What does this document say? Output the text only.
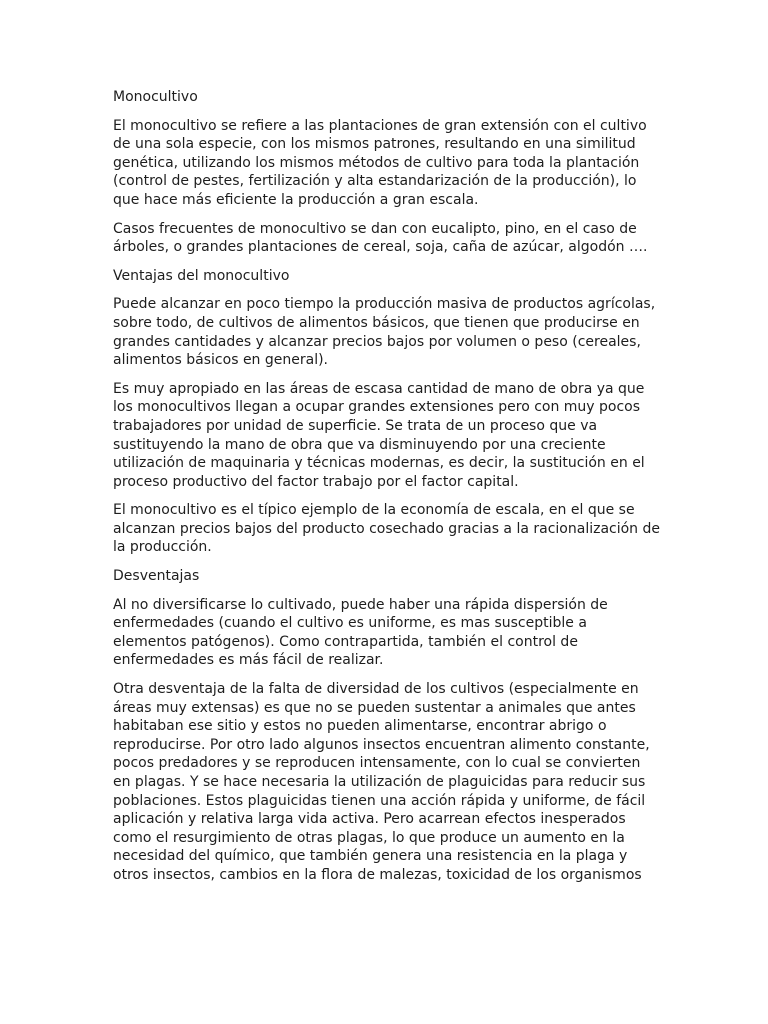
Monocultivo

El monocultivo se refiere a las plantaciones de gran extensión con el cultivo de una sola especie, con los mismos patrones, resultando en una similitud genética, utilizando los mismos métodos de cultivo para toda la plantación (control de pestes, fertilización y alta estandarización de la producción), lo que hace más eficiente la producción a gran escala.

Casos frecuentes de monocultivo se dan con eucalipto, pino, en el caso de árboles, o grandes plantaciones de cereal, soja, caña de azúcar, algodón ….

Ventajas del monocultivo

Puede alcanzar en poco tiempo la producción masiva de productos agrícolas, sobre todo, de cultivos de alimentos básicos, que tienen que producirse en grandes cantidades y alcanzar precios bajos por volumen o peso (cereales, alimentos básicos en general).

Es muy apropiado en las áreas de escasa cantidad de mano de obra ya que los monocultivos llegan a ocupar grandes extensiones pero con muy pocos trabajadores por unidad de superficie. Se trata de un proceso que va sustituyendo la mano de obra que va disminuyendo por una creciente utilización de maquinaria y técnicas modernas, es decir, la sustitución en el proceso productivo del factor trabajo por el factor capital.

El monocultivo es el típico ejemplo de la economía de escala, en el que se alcanzan precios bajos del producto cosechado gracias a la racionalización de la producción.

Desventajas

Al no diversificarse lo cultivado, puede haber una rápida dispersión de enfermedades (cuando el cultivo es uniforme, es mas susceptible a elementos patógenos). Como contrapartida, también el control de enfermedades es más fácil de realizar.

Otra desventaja de la falta de diversidad de los cultivos (especialmente en áreas muy extensas) es que no se pueden sustentar a animales que antes habitaban ese sitio y estos no pueden alimentarse, encontrar abrigo o reproducirse. Por otro lado algunos insectos encuentran alimento constante, pocos predadores y se reproducen intensamente, con lo cual se convierten en plagas. Y se hace necesaria la utilización de plaguicidas para reducir sus poblaciones. Estos plaguicidas tienen una acción rápida y uniforme, de fácil aplicación y relativa larga vida activa. Pero acarrean efectos inesperados como el resurgimiento de otras plagas, lo que produce un aumento en la necesidad del químico, que también genera una resistencia en la plaga y otros insectos, cambios en la flora de malezas, toxicidad de los organismos
